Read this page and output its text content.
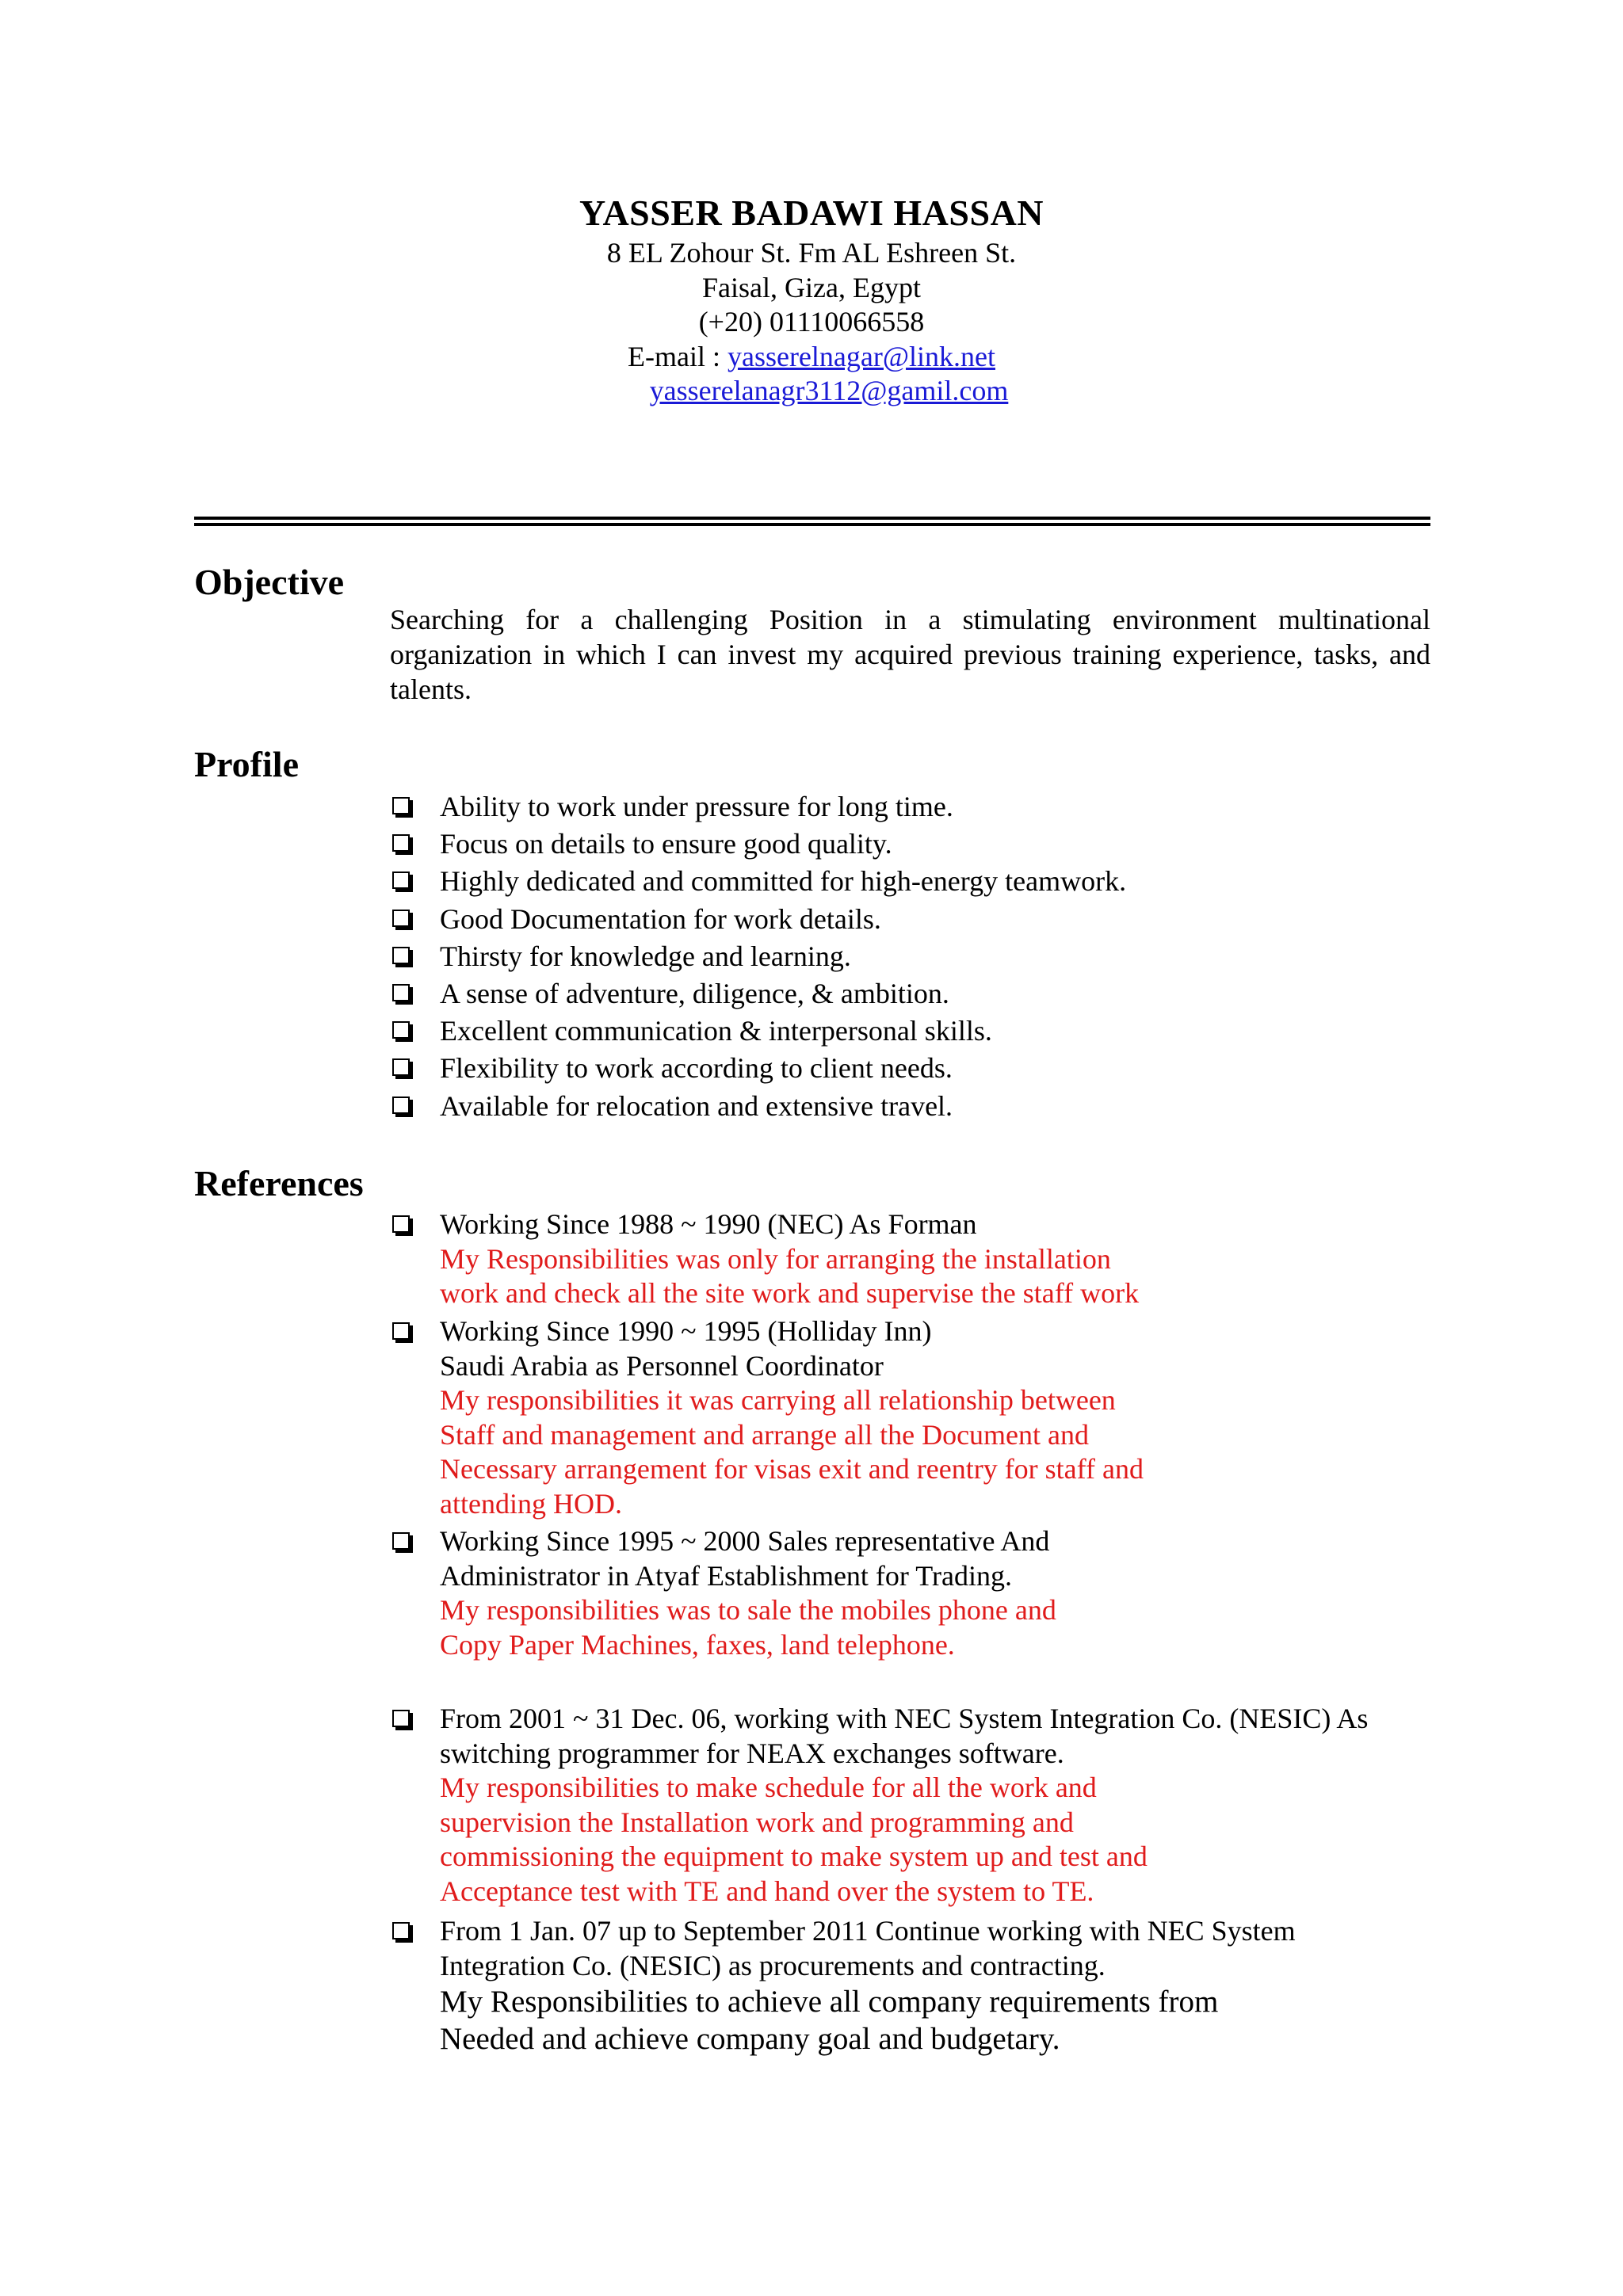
YASSER BADAWI HASSAN
8 EL Zohour St. Fm AL Eshreen St.
Faisal, Giza, Egypt
(+20) 01110066558
E-mail : yasserelnagar@link.net
yasserelanagr3112@gamil.com
Objective
Searching for a challenging Position in a stimulating environment multinational organization in which I can invest my acquired previous training experience, tasks, and talents.
Profile
Ability to work under pressure for long time.
Focus on details to ensure good quality.
Highly dedicated and committed for high-energy teamwork.
Good Documentation for work details.
Thirsty for knowledge and learning.
A sense of adventure, diligence, & ambition.
Excellent communication & interpersonal skills.
Flexibility to work according to client needs.
Available for relocation and extensive travel.
References
Working Since 1988 ~ 1990 (NEC) As Forman
My Responsibilities was only for arranging the installation
work and check all the site work and supervise the staff work
Working Since 1990 ~ 1995 (Holliday Inn)
Saudi Arabia as Personnel Coordinator
My responsibilities it was carrying all relationship between
Staff and management and arrange all the Document and
Necessary arrangement for visas exit and reentry for staff and
attending HOD.
Working Since 1995 ~ 2000 Sales representative And
Administrator in Atyaf Establishment for Trading.
My responsibilities was to sale the mobiles phone and
Copy Paper Machines, faxes, land telephone.
From 2001 ~ 31 Dec. 06, working with NEC System Integration Co. (NESIC) As
switching programmer for NEAX exchanges software.
My responsibilities to make schedule for all the work and
supervision the Installation work and programming and
commissioning the equipment to make system up and test and
Acceptance test with TE and hand over the system to TE.
From 1 Jan. 07 up to September 2011 Continue working with NEC System
Integration Co. (NESIC) as procurements and contracting.
My Responsibilities to achieve all company requirements from
Needed and achieve company goal and budgetary.
